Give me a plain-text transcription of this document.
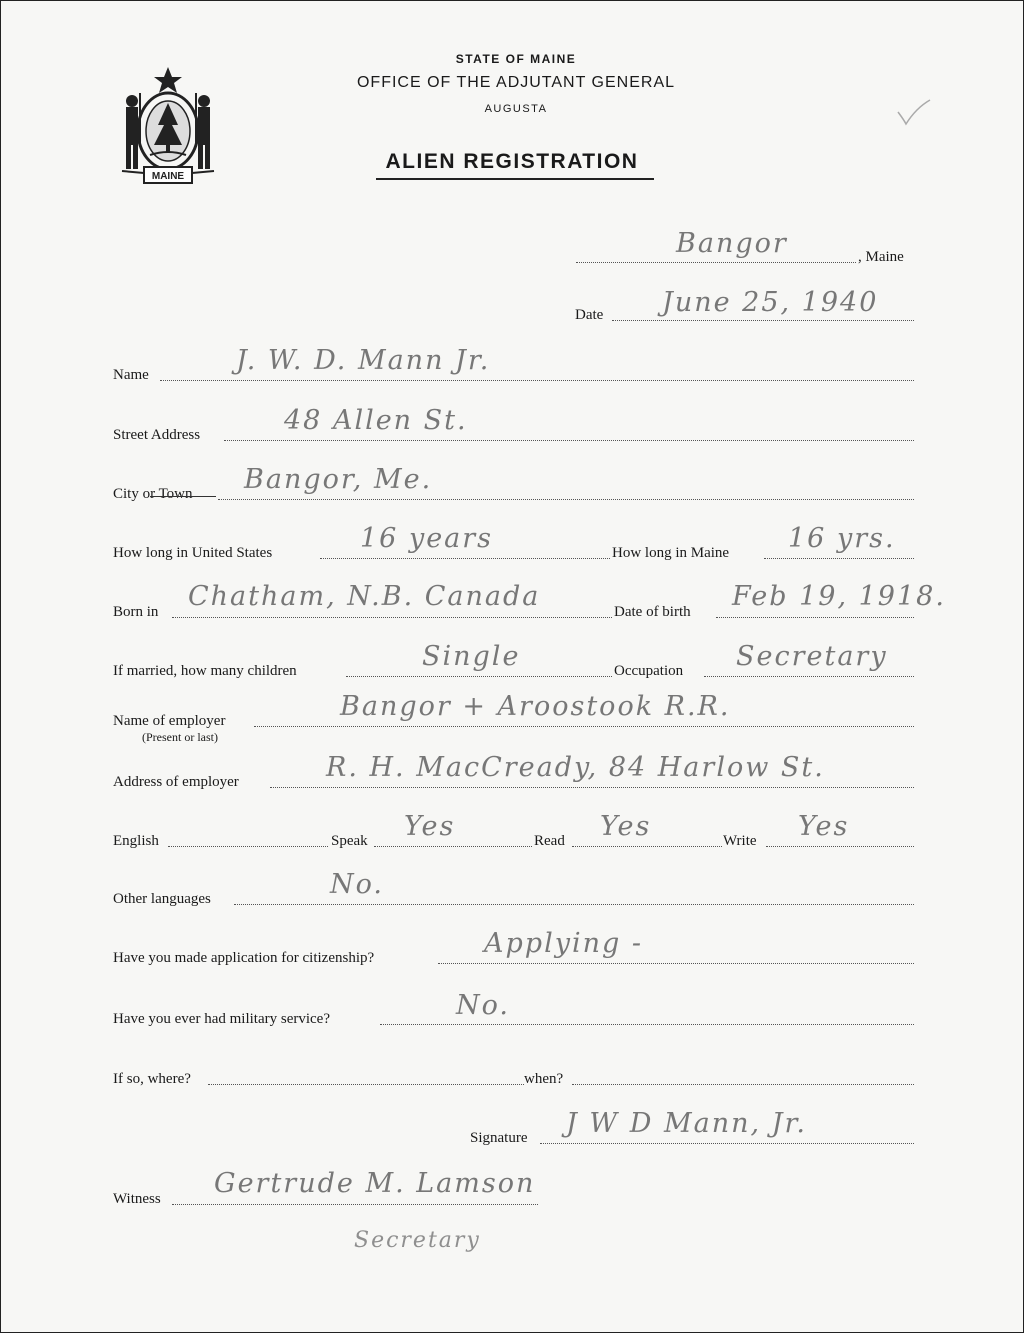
MAINE
STATE OF MAINE
OFFICE OF THE ADJUTANT GENERAL
AUGUSTA
ALIEN REGISTRATION
Bangor	, Maine
Date June 25, 1940
Name	J. W. D. Mann Jr.
Street Address	48 Allen St.
City or Town Bangor, Me.
How long in United States	16 years	How long in Maine 16 yrs.
Born in Chatham, N.B. Canada	Date of birth Feb 19, 1918.
If married, how many children	Single	Occupation Secretary
Name of employer
(Present or last)
Bangor + Aroostook R.R.
Address of employer	R. H. MacCready, 84 Harlow St.
English	Speak Yes	Read Yes	Write Yes
Other languages	No.
Have you made application for citizenship?	Applying -
Have you ever had military service?	No.
If so, where?	when?
Signature J W D Mann, Jr.
Witness Gertrude M. Lamson
Secretary
